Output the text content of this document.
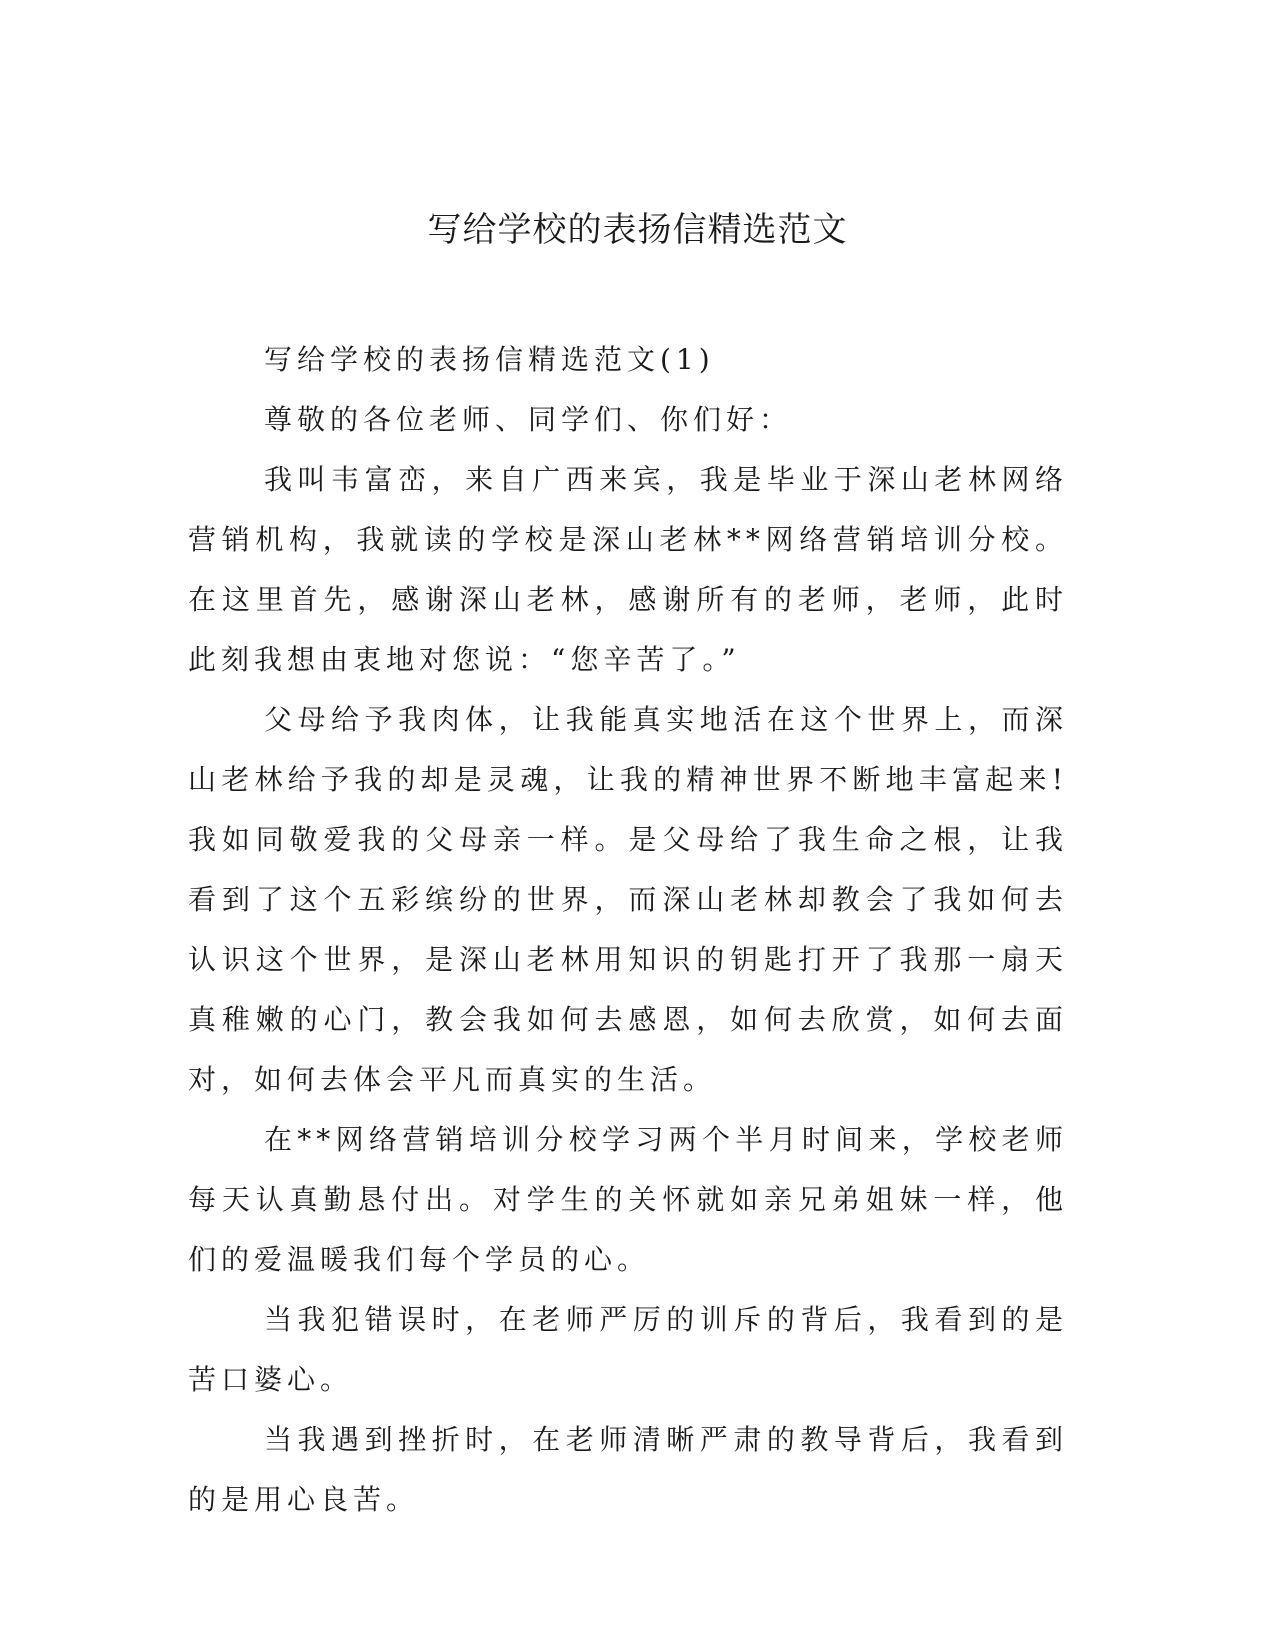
写给学校的表扬信精选范文

写给学校的表扬信精选范文(1)

尊敬的各位老师、同学们、你们好：

我叫韦富峦，来自广西来宾，我是毕业于深山老林网络营销机构，我就读的学校是深山老林**网络营销培训分校。在这里首先，感谢深山老林，感谢所有的老师，老师，此时此刻我想由衷地对您说：“您辛苦了。”

父母给予我肉体，让我能真实地活在这个世界上，而深山老林给予我的却是灵魂，让我的精神世界不断地丰富起来!我如同敬爱我的父母亲一样。是父母给了我生命之根，让我看到了这个五彩缤纷的世界，而深山老林却教会了我如何去认识这个世界，是深山老林用知识的钥匙打开了我那一扇天真稚嫩的心门，教会我如何去感恩，如何去欣赏，如何去面对，如何去体会平凡而真实的生活。

在**网络营销培训分校学习两个半月时间来，学校老师每天认真勤恳付出。对学生的关怀就如亲兄弟姐妹一样，他们的爱温暖我们每个学员的心。

当我犯错误时，在老师严厉的训斥的背后，我看到的是苦口婆心。

当我遇到挫折时，在老师清晰严肃的教导背后，我看到的是用心良苦。
